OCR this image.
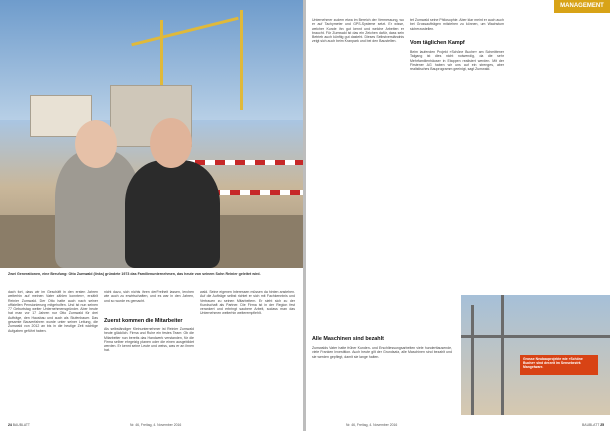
Zwei Generationen, eine Berufung: Otto Zumwald (links) gründete 1973 das Familienunternehmen, das heute von seinem Sohn Reinier geleitet wird.
dach fort, dass wir im Geschäft in den ersten Jahren weiterhin auf meinen Vater zählen konnten«, erzählt Reinier Zumwald. Der Otto hatte auch nach seiner offiziellen Pensionierung mitgeholfen. Und ist nun seinen 77 Geburtstag weiter Unternehmensgründer. Aber heute hat man vor 17 Jahren nur Otto Zumwald für drei Aufträge, den Hausbau und auch als Stufenbauer. Das gesamte Bauverfahren wurde unter seiner Leitung, die Zumwald von 2012 an bis in die heutige Zeit wichtige Aufgaben geführt haben.
nicht dazu, sich nichts ihren derFreiheit lassen, lerchen wie auch zu erwirtschaften, und es war in den Jahren, und so wurde es gemacht.
Zuerst kommen die Mitarbeiter
Als selbständiger Kleinunternehmer ist Reinier Zumwald heute glücklich. Firma und Ruhe ein festes Team: Ob die Mitarbeiter nun bereits das Handwerk verstanden, für die Firma selber ehrgeizig planen oder die einen ausgebildet werden. Er kennt seine Leute und weiss, was er an ihnen hat.
wald. Seine eigenen Interessen müssen da hinten anstehen. Auf die Aufträge selbst richtet er sich mit Fachkenntnis und Vertrauen zu seinen Mitarbeitern. Er sieht sich zu der Kundschaft als Partner. Die Firma ist in der Region fest verankert und erbringt saubere Arbeit, sodass man das Unternehmen weiterhin weiterempfiehlt.
24 BAUBLATT	Nr. 46, Freitag, 4. November 2016
MANAGEMENT
Unternehmer zudem etwa im Bereich der Vermessung, wo er auf Tachymeter und GPS-Systeme setzt. Er wisse, welcher Kunde ihn gut kennt und welche Arbeiten er braucht. Für Zumwald ist das ein Zeichen dafür, dass sein Betrieb auch künftig gut dasteht. Dieses Selbstverständnis zeigt sich auch beim Kranpark und bei den Baustellen.
tet Zumwald seine Philosophie. Aber klar meint er auch auch bei Grossaufträgen mitziehen zu können, um Wachstum sicherzustellen.
Vom täglichen Kampf
Beim laufenden Projekt »Schöne Buche« am Schmittener Talgang ist dies nicht notwendig, da die sehr Mehrfamilienhäuser in Etappen realisiert werden. Mit der Firstener AG haben wir uns auf ein strenges, aber realistisches Bauprogramm geeinigt, sagt Zumwald.
Alle Maschinen sind bezahlt
Zumwalds Vater hatte früher Kunden- und Erschliessungsarbeiten viele hunderttausende, viele Franken Investition. Auch heute gilt der Grundsatz, alle Maschinen sind bezahlt und sie werden gepflegt, damit sie lange halten.
Grosse Neubauprojekte wie »Schöne Buche« sind derzeit im Sensebezirk Mangelware.
Nr. 46, Freitag, 4. November 2016	BAUBLATT 25
